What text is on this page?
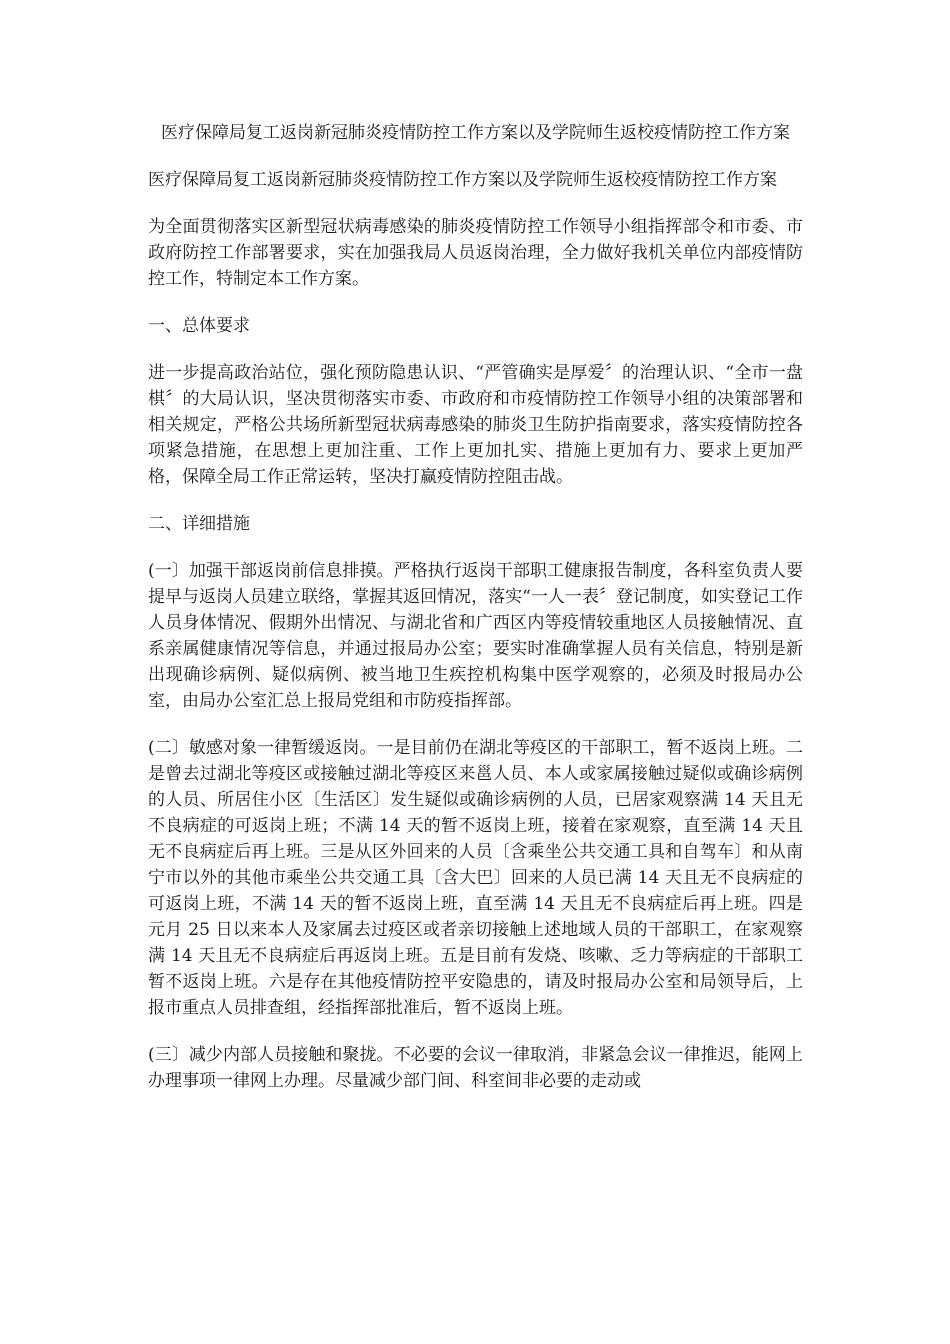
医疗保障局复工返岗新冠肺炎疫情防控工作方案以及学院师生返校疫情防控工作方案

医疗保障局复工返岗新冠肺炎疫情防控工作方案以及学院师生返校疫情防控工作方案

为全面贯彻落实区新型冠状病毒感染的肺炎疫情防控工作领导小组指挥部令和市委、市政府防控工作部署要求，实在加强我局人员返岗治理，全力做好我机关单位内部疫情防控工作，特制定本工作方案。

一、总体要求

进一步提高政治站位，强化预防隐患认识、“严管确实是厚爱〞的治理认识、“全市一盘棋〞的大局认识，坚决贯彻落实市委、市政府和市疫情防控工作领导小组的决策部署和相关规定，严格公共场所新型冠状病毒感染的肺炎卫生防护指南要求，落实疫情防控各项紧急措施，在思想上更加注重、工作上更加扎实、措施上更加有力、要求上更加严格，保障全局工作正常运转，坚决打赢疫情防控阻击战。

二、详细措施

(一〕加强干部返岗前信息排摸。严格执行返岗干部职工健康报告制度，各科室负责人要提早与返岗人员建立联络，掌握其返回情况，落实“一人一表〞登记制度，如实登记工作人员身体情况、假期外出情况、与湖北省和广西区内等疫情较重地区人员接触情况、直系亲属健康情况等信息，并通过报局办公室；要实时准确掌握人员有关信息，特别是新出现确诊病例、疑似病例、被当地卫生疾控机构集中医学观察的，必须及时报局办公室，由局办公室汇总上报局党组和市防疫指挥部。

(二〕敏感对象一律暂缓返岗。一是目前仍在湖北等疫区的干部职工，暂不返岗上班。二是曾去过湖北等疫区或接触过湖北等疫区来邕人员、本人或家属接触过疑似或确诊病例的人员、所居住小区〔生活区〕发生疑似或确诊病例的人员，已居家观察满 14 天且无不良病症的可返岗上班；不满 14 天的暂不返岗上班，接着在家观察，直至满 14 天且无不良病症后再上班。三是从区外回来的人员〔含乘坐公共交通工具和自驾车〕和从南宁市以外的其他市乘坐公共交通工具〔含大巴〕回来的人员已满 14 天且无不良病症的可返岗上班，不满 14 天的暂不返岗上班，直至满 14 天且无不良病症后再上班。四是元月 25 日以来本人及家属去过疫区或者亲切接触上述地域人员的干部职工，在家观察满 14 天且无不良病症后再返岗上班。五是目前有发烧、咳嗽、乏力等病症的干部职工暂不返岗上班。六是存在其他疫情防控平安隐患的，请及时报局办公室和局领导后，上报市重点人员排查组，经指挥部批准后，暂不返岗上班。

(三〕减少内部人员接触和聚拢。不必要的会议一律取消，非紧急会议一律推迟，能网上办理事项一律网上办理。尽量减少部门间、科室间非必要的走动或
